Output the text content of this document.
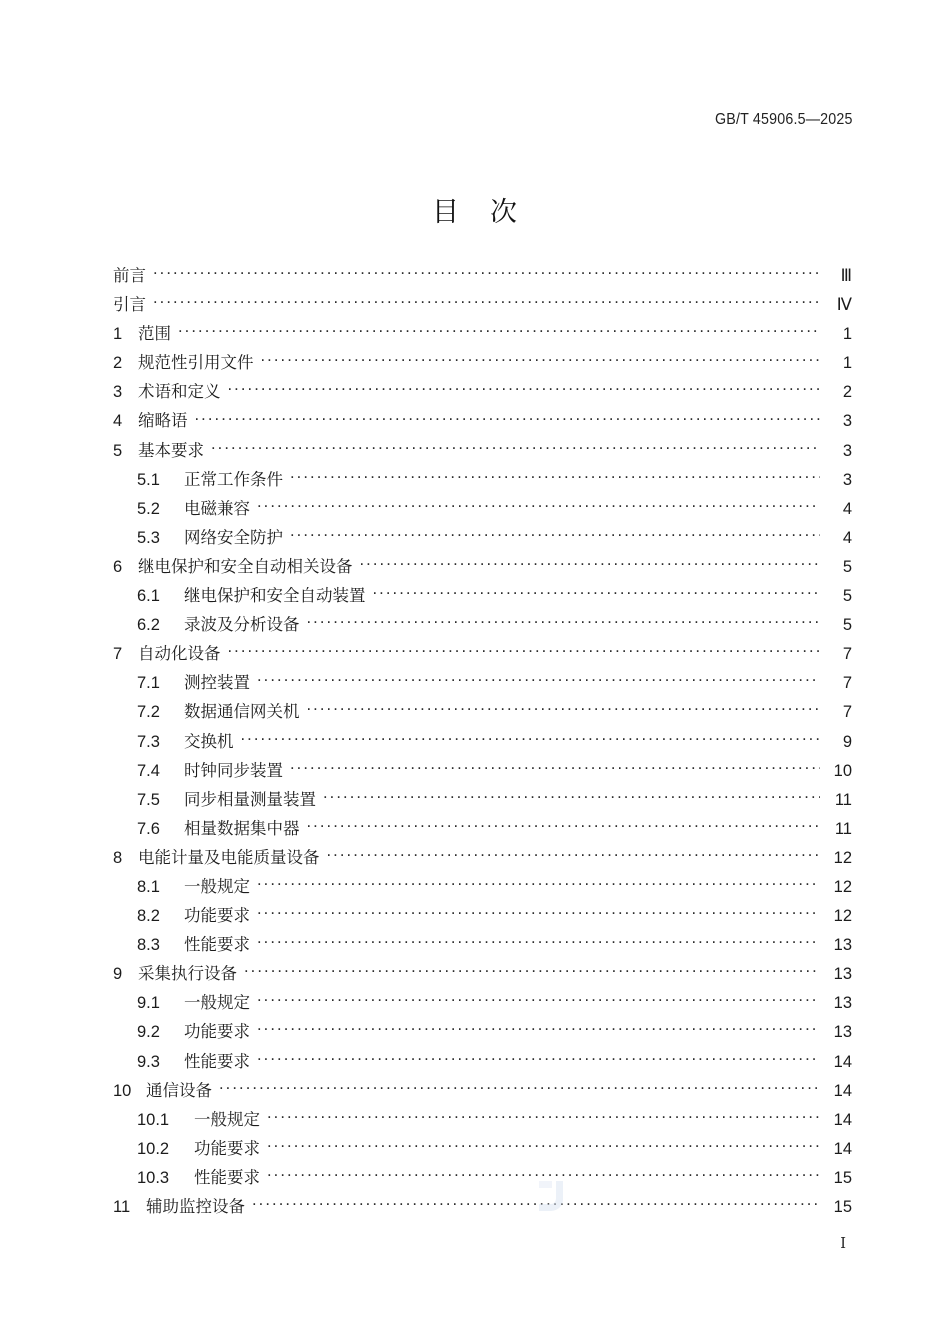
GB/T 45906.5—2025
目 次
前言 .....	Ⅲ
引言 .....	Ⅳ
1 范围 .....	1
2 规范性引用文件 .....	1
3 术语和定义 .....	2
4 缩略语 .....	3
5 基本要求 .....	3
5.1	正常工作条件 .....	3
5.2	电磁兼容 .....	4
5.3	网络安全防护 .....	4
6 继电保护和安全自动相关设备 .....	5
6.1	继电保护和安全自动装置 .....	5
6.2	录波及分析设备 .....	5
7 自动化设备 .....	7
7.1	测控装置 .....	7
7.2	数据通信网关机 .....	7
7.3	交换机 .....	9
7.4	时钟同步装置 .....	10
7.5	同步相量测量装置 .....	11
7.6	相量数据集中器 .....	11
8 电能计量及电能质量设备 .....	12
8.1	一般规定 .....	12
8.2	功能要求 .....	12
8.3	性能要求 .....	13
9 采集执行设备 .....	13
9.1	一般规定 .....	13
9.2	功能要求 .....	13
9.3	性能要求 .....	14
10 通信设备 .....	14
10.1	一般规定 .....	14
10.2	功能要求 .....	14
10.3	性能要求 .....	15
11 辅助监控设备 .....	15
Ⅰ
